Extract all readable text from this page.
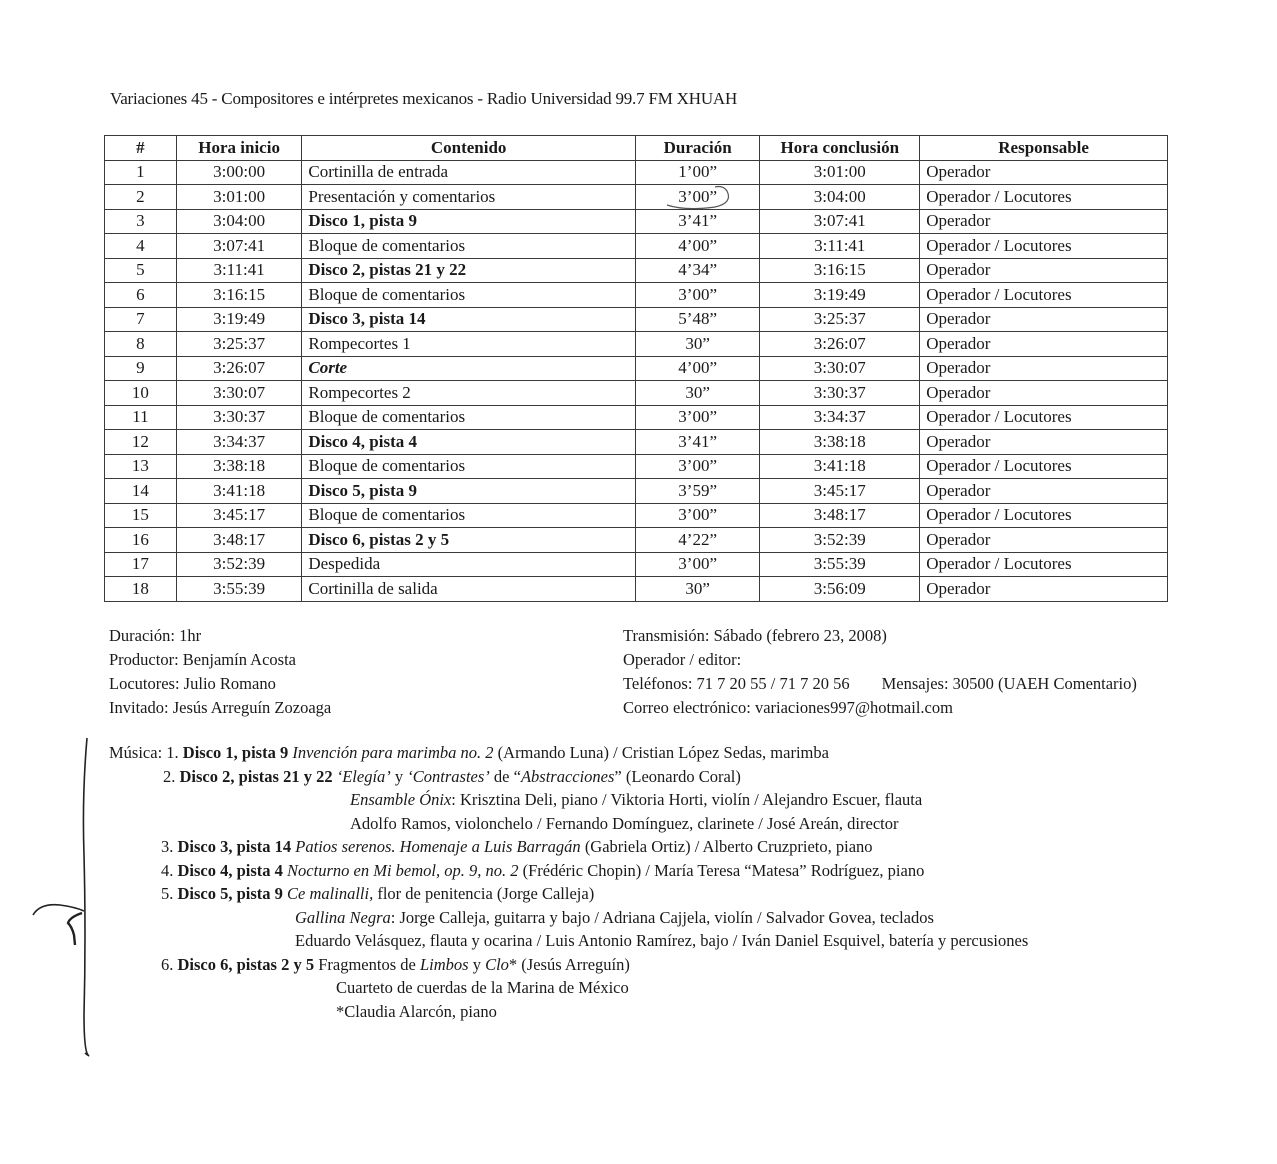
Variaciones 45 - Compositores e intérpretes mexicanos - Radio Universidad 99.7 FM XHUAH
#	Hora inicio	Contenido	Duración	Hora conclusión	Responsable
1	3:00:00	Cortinilla de entrada	1’00”	3:01:00	Operador
2	3:01:00	Presentación y comentarios	3’00”	3:04:00	Operador / Locutores
3	3:04:00	Disco 1, pista 9	3’41”	3:07:41	Operador
4	3:07:41	Bloque de comentarios	4’00”	3:11:41	Operador / Locutores
5	3:11:41	Disco 2, pistas 21 y 22	4’34”	3:16:15	Operador
6	3:16:15	Bloque de comentarios	3’00”	3:19:49	Operador / Locutores
7	3:19:49	Disco 3, pista 14	5’48”	3:25:37	Operador
8	3:25:37	Rompecortes 1	30”	3:26:07	Operador
9	3:26:07	Corte	4’00”	3:30:07	Operador
10	3:30:07	Rompecortes 2	30”	3:30:37	Operador
11	3:30:37	Bloque de comentarios	3’00”	3:34:37	Operador / Locutores
12	3:34:37	Disco 4, pista 4	3’41”	3:38:18	Operador
13	3:38:18	Bloque de comentarios	3’00”	3:41:18	Operador / Locutores
14	3:41:18	Disco 5, pista 9	3’59”	3:45:17	Operador
15	3:45:17	Bloque de comentarios	3’00”	3:48:17	Operador / Locutores
16	3:48:17	Disco 6, pistas 2 y 5	4’22”	3:52:39	Operador
17	3:52:39	Despedida	3’00”	3:55:39	Operador / Locutores
18	3:55:39	Cortinilla de salida	30”	3:56:09	Operador
Duración: 1hr
Productor: Benjamín Acosta
Locutores: Julio Romano
Invitado: Jesús Arreguín Zozoaga
Transmisión: Sábado (febrero 23, 2008)
Operador / editor:
Teléfonos: 71 7 20 55 / 71 7 20 56 Mensajes: 30500 (UAEH Comentario)
Correo electrónico: variaciones997@hotmail.com
Música: 1. Disco 1, pista 9 Invención para marimba no. 2 (Armando Luna) / Cristian López Sedas, marimba
2. Disco 2, pistas 21 y 22 ‘Elegía’ y ‘Contrastes’ de “Abstracciones” (Leonardo Coral)
Ensamble Ónix: Krisztina Deli, piano / Viktoria Horti, violín / Alejandro Escuer, flauta
Adolfo Ramos, violonchelo / Fernando Domínguez, clarinete / José Areán, director
3. Disco 3, pista 14 Patios serenos. Homenaje a Luis Barragán (Gabriela Ortiz) / Alberto Cruzprieto, piano
4. Disco 4, pista 4 Nocturno en Mi bemol, op. 9, no. 2 (Frédéric Chopin) / María Teresa “Matesa” Rodríguez, piano
5. Disco 5, pista 9 Ce malinalli, flor de penitencia (Jorge Calleja)
Gallina Negra: Jorge Calleja, guitarra y bajo / Adriana Cajjela, violín / Salvador Govea, teclados
Eduardo Velásquez, flauta y ocarina / Luis Antonio Ramírez, bajo / Iván Daniel Esquivel, batería y percusiones
6. Disco 6, pistas 2 y 5 Fragmentos de Limbos y Clo* (Jesús Arreguín)
Cuarteto de cuerdas de la Marina de México
*Claudia Alarcón, piano
